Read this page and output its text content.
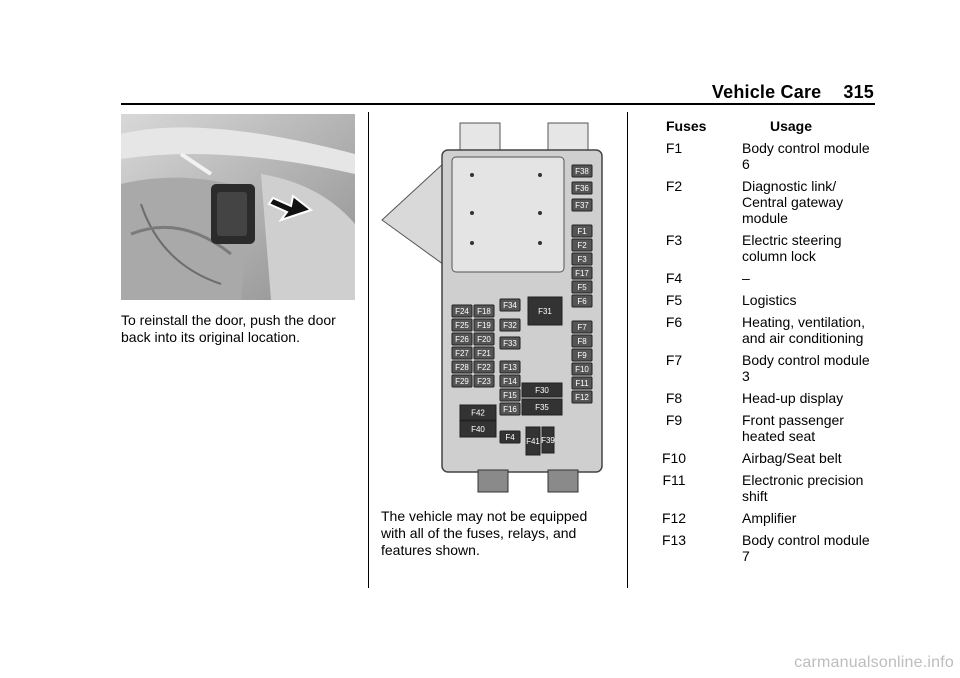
Vehicle Care 315
To reinstall the door, push the door back into its original location.
F38
F36
F37
F1
F2
F3
F17
F5
F6
F7
F8
F9
F10
F11
F12
F24
F25
F26
F27
F28
F29
F18
F19
F20
F21
F22
F23
F34
F32
F33
F13
F14
F15
F16
F31
F30
F35
F42
F40
F4 F41 F39
The vehicle may not be equipped with all of the fuses, relays, and features shown.
Fuses	Usage
F1	Body control module 6
F2	Diagnostic link/ Central gateway module
F3	Electric steering column lock
F4	–
F5	Logistics
F6	Heating, ventilation, and air conditioning
F7	Body control module 3
F8	Head-up display
F9	Front passenger heated seat
F10	Airbag/Seat belt
F11	Electronic precision shift
F12	Amplifier
F13	Body control module 7
carmanualsonline.info
